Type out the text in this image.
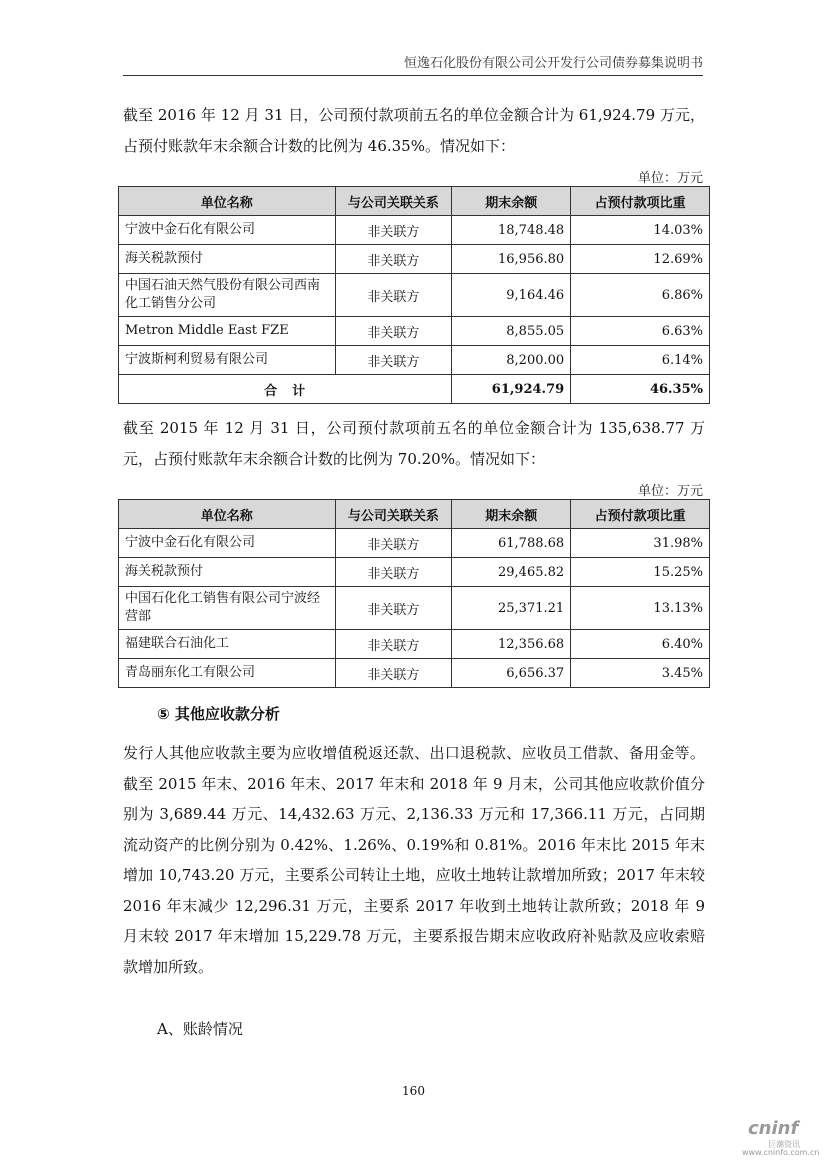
恒逸石化股份有限公司公开发行公司债券募集说明书
截至 2016 年 12 月 31 日，公司预付款项前五名的单位金额合计为 61,924.79 万元，占预付账款年末余额合计数的比例为 46.35%。情况如下：
单位：万元
单位名称	与公司关联关系	期末余额	占预付款项比重
宁波中金石化有限公司	非关联方	18,748.48	14.03%
海关税款预付	非关联方	16,956.80	12.69%
中国石油天然气股份有限公司西南化工销售分公司	非关联方	9,164.46	6.86%
Metron Middle East FZE	非关联方	8,855.05	6.63%
宁波斯柯利贸易有限公司	非关联方	8,200.00	6.14%
合　计		61,924.79	46.35%
截至 2015 年 12 月 31 日，公司预付款项前五名的单位金额合计为 135,638.77 万元，占预付账款年末余额合计数的比例为 70.20%。情况如下：
单位：万元
单位名称	与公司关联关系	期末余额	占预付款项比重
宁波中金石化有限公司	非关联方	61,788.68	31.98%
海关税款预付	非关联方	29,465.82	15.25%
中国石化化工销售有限公司宁波经营部	非关联方	25,371.21	13.13%
福建联合石油化工	非关联方	12,356.68	6.40%
青岛丽东化工有限公司	非关联方	6,656.37	3.45%
⑤ 其他应收款分析
发行人其他应收款主要为应收增值税返还款、出口退税款、应收员工借款、备用金等。截至 2015 年末、2016 年末、2017 年末和 2018 年 9 月末，公司其他应收款价值分别为 3,689.44 万元、14,432.63 万元、2,136.33 万元和 17,366.11 万元，占同期流动资产的比例分别为 0.42%、1.26%、0.19%和 0.81%。2016 年末比 2015 年末增加 10,743.20 万元，主要系公司转让土地，应收土地转让款增加所致；2017 年末较 2016 年末减少 12,296.31 万元，主要系 2017 年收到土地转让款所致；2018 年 9 月末较 2017 年末增加 15,229.78 万元，主要系报告期末应收政府补贴款及应收索赔款增加所致。
A、账龄情况
160
cninf
巨潮资讯
www.cninfo.com.cn
